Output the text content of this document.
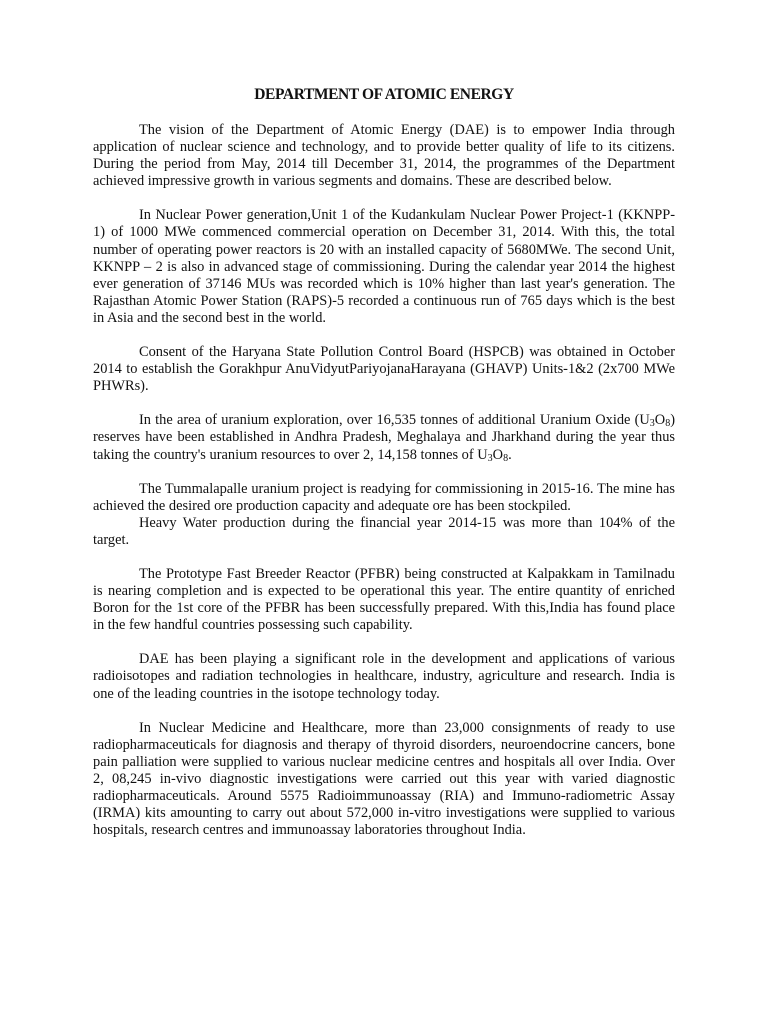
DEPARTMENT OF ATOMIC ENERGY

The vision of the Department of Atomic Energy (DAE) is to empower India through application of nuclear science and technology, and to provide better quality of life to its citizens. During the period from May, 2014 till December 31, 2014, the programmes of the Department achieved impressive growth in various segments and domains. These are described below.

In Nuclear Power generation,Unit 1 of the Kudankulam Nuclear Power Project-1 (KKNPP-1) of 1000 MWe commenced commercial operation on December 31, 2014. With this, the total number of operating power reactors is 20 with an installed capacity of 5680MWe. The second Unit, KKNPP – 2 is also in advanced stage of commissioning. During the calendar year 2014 the highest ever generation of 37146 MUs was recorded which is 10% higher than last year's generation. The Rajasthan Atomic Power Station (RAPS)-5 recorded a continuous run of 765 days which is the best in Asia and the second best in the world.

Consent of the Haryana State Pollution Control Board (HSPCB) was obtained in October 2014 to establish the Gorakhpur AnuVidyutPariyojanaHarayana (GHAVP) Units-1&2 (2x700 MWe PHWRs).

In the area of uranium exploration, over 16,535 tonnes of additional Uranium Oxide $(U_3O_8)$ reserves have been established in Andhra Pradesh, Meghalaya and Jharkhand during the year thus taking the country's uranium resources to over 2, 14,158 tonnes of $U_3O_8$.

The Tummalapalle uranium project is readying for commissioning in 2015-16. The mine has achieved the desired ore production capacity and adequate ore has been stockpiled.

Heavy Water production during the financial year 2014-15 was more than 104% of the target.

The Prototype Fast Breeder Reactor (PFBR) being constructed at Kalpakkam in Tamilnadu is nearing completion and is expected to be operational this year. The entire quantity of enriched Boron for the 1st core of the PFBR has been successfully prepared. With this,India has found place in the few handful countries possessing such capability.

DAE has been playing a significant role in the development and applications of various radioisotopes and radiation technologies in healthcare, industry, agriculture and research. India is one of the leading countries in the isotope technology today.

In Nuclear Medicine and Healthcare, more than 23,000 consignments of ready to use radiopharmaceuticals for diagnosis and therapy of thyroid disorders, neuroendocrine cancers, bone pain palliation were supplied to various nuclear medicine centres and hospitals all over India. Over 2, 08,245 in-vivo diagnostic investigations were carried out this year with varied diagnostic radiopharmaceuticals. Around 5575 Radioimmunoassay (RIA) and Immuno-radiometric Assay (IRMA) kits amounting to carry out about 572,000 in-vitro investigations were supplied to various hospitals, research centres and immunoassay laboratories throughout India.
